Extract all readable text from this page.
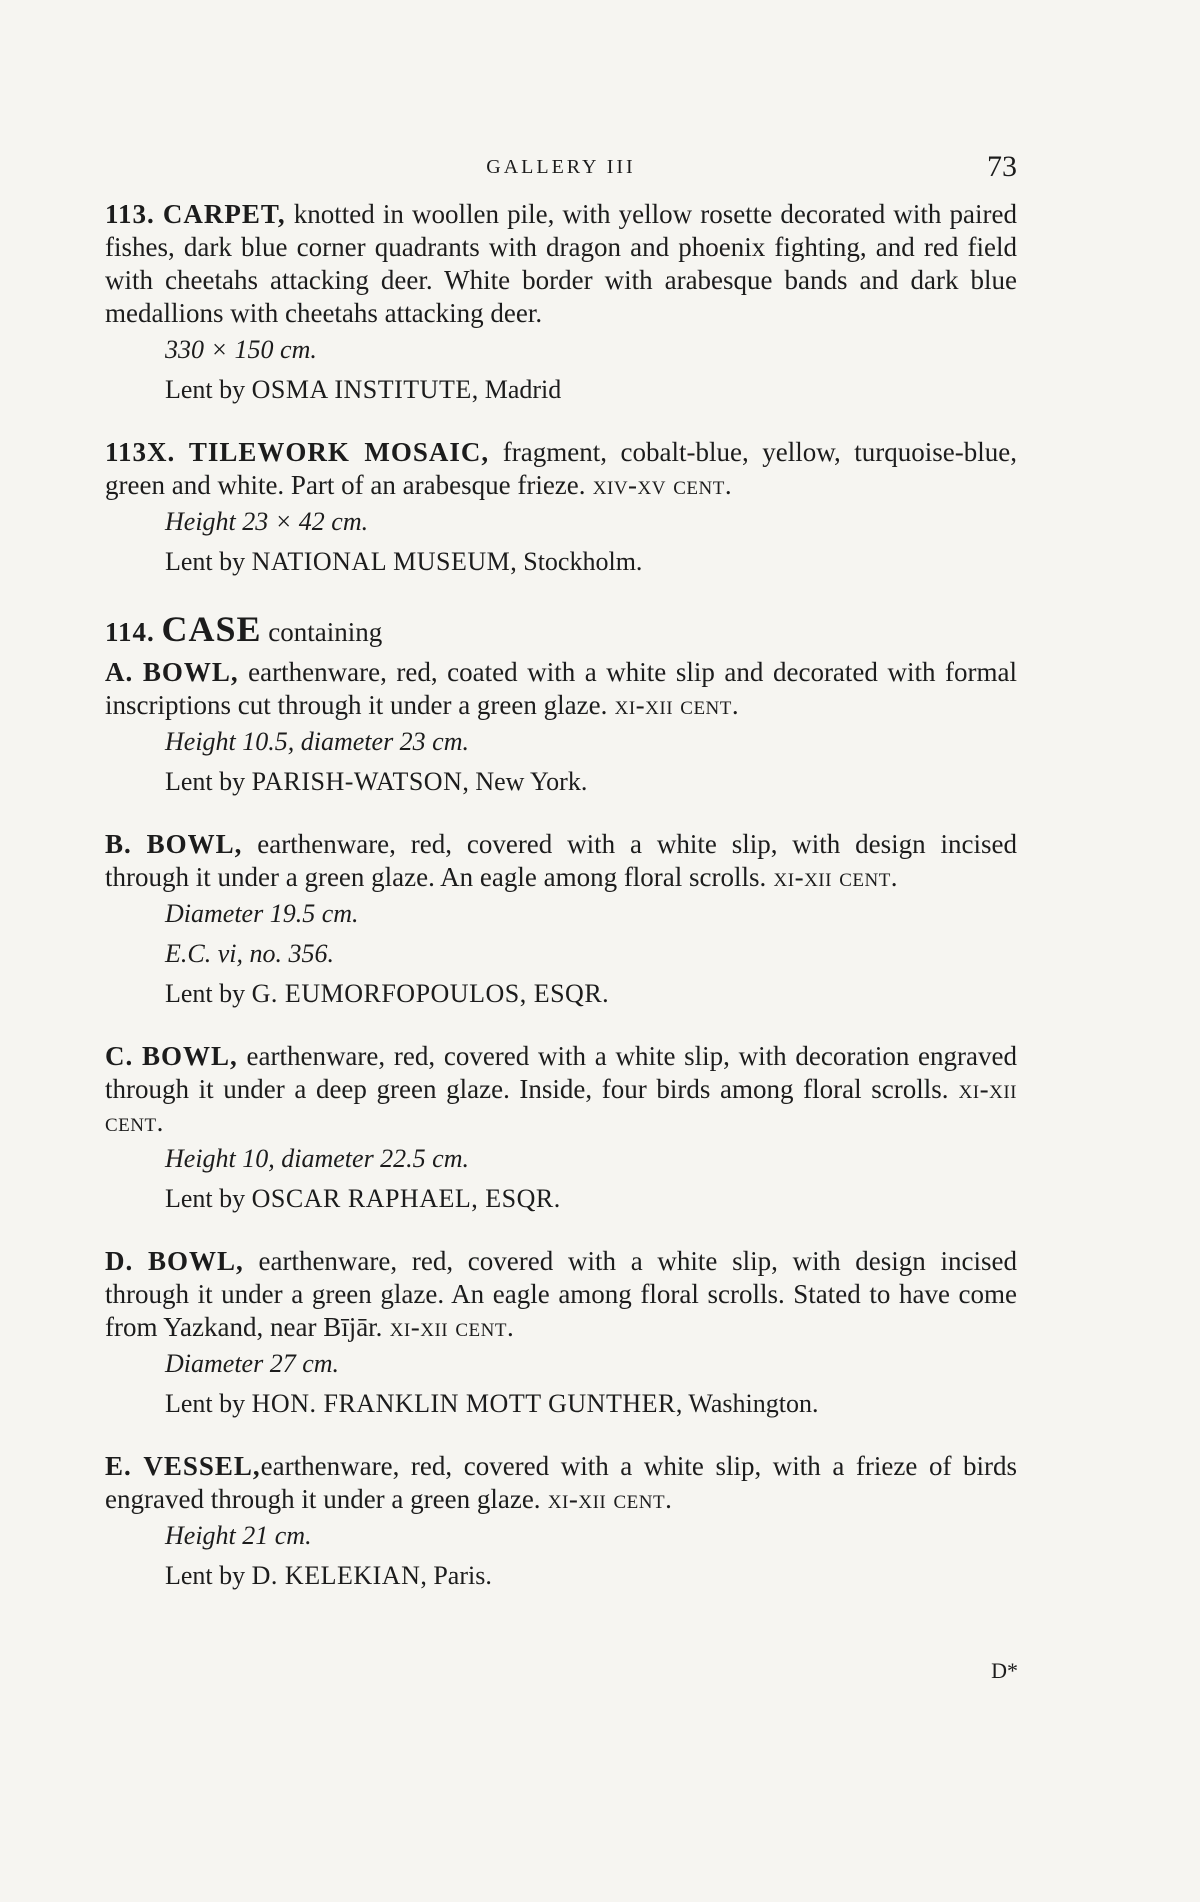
GALLERY III	73

113. CARPET, knotted in woollen pile, with yellow rosette decorated with paired fishes, dark blue corner quadrants with dragon and phoenix fighting, and red field with cheetahs attacking deer. White border with arabesque bands and dark blue medallions with cheetahs attacking deer.

330 × 150 cm.

Lent by OSMA INSTITUTE, Madrid

113X. TILEWORK MOSAIC, fragment, cobalt-blue, yellow, turquoise-blue, green and white. Part of an arabesque frieze. xiv-xv cent.

Height 23 × 42 cm.

Lent by NATIONAL MUSEUM, Stockholm.

114. CASE containing

A. BOWL, earthenware, red, coated with a white slip and decorated with formal inscriptions cut through it under a green glaze. xi-xii cent.

Height 10.5, diameter 23 cm.

Lent by PARISH-WATSON, New York.

B. BOWL, earthenware, red, covered with a white slip, with design incised through it under a green glaze. An eagle among floral scrolls. xi-xii cent.

Diameter 19.5 cm.

E.C. vi, no. 356.

Lent by G. EUMORFOPOULOS, ESQR.

C. BOWL, earthenware, red, covered with a white slip, with decoration engraved through it under a deep green glaze. Inside, four birds among floral scrolls. xi-xii cent.

Height 10, diameter 22.5 cm.

Lent by OSCAR RAPHAEL, ESQR.

D. BOWL, earthenware, red, covered with a white slip, with design incised through it under a green glaze. An eagle among floral scrolls. Stated to have come from Yazkand, near Bījār. xi-xii cent.

Diameter 27 cm.

Lent by HON. FRANKLIN MOTT GUNTHER, Washington.

E. VESSEL,earthenware, red, covered with a white slip, with a frieze of birds engraved through it under a green glaze. xi-xii cent.

Height 21 cm.

Lent by D. KELEKIAN, Paris.

D*
